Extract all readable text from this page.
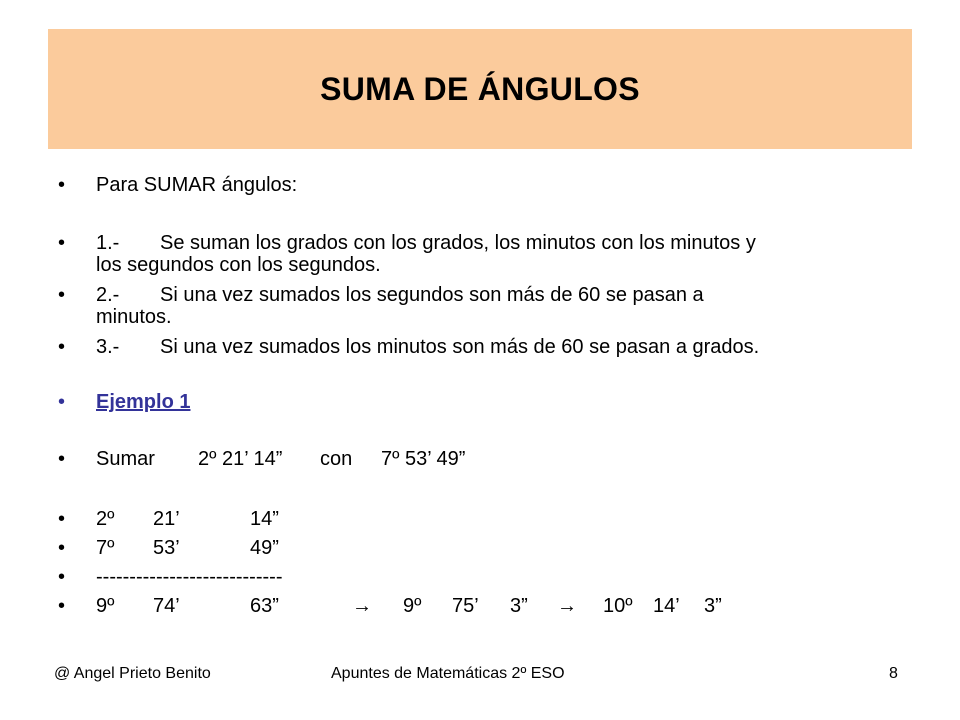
SUMA DE ÁNGULOS
• Para SUMAR ángulos:
• 1.- Se suman los grados con los grados, los minutos con los minutos y
los segundos con los segundos.
• 2.- Si una vez sumados los segundos son más de 60 se pasan a
minutos.
• 3.- Si una vez sumados los minutos son más de 60 se pasan a grados.
• Ejemplo 1
• Sumar 2º 21’ 14” con 7º 53’ 49”
• 2º 21’	14”
• 7º 53’	49”
• ----------------------------
• 9º 74’	63”	→ 9º 75’ 3” → 10º 14’ 3”
@ Angel Prieto Benito	Apuntes de Matemáticas 2º ESO	8
